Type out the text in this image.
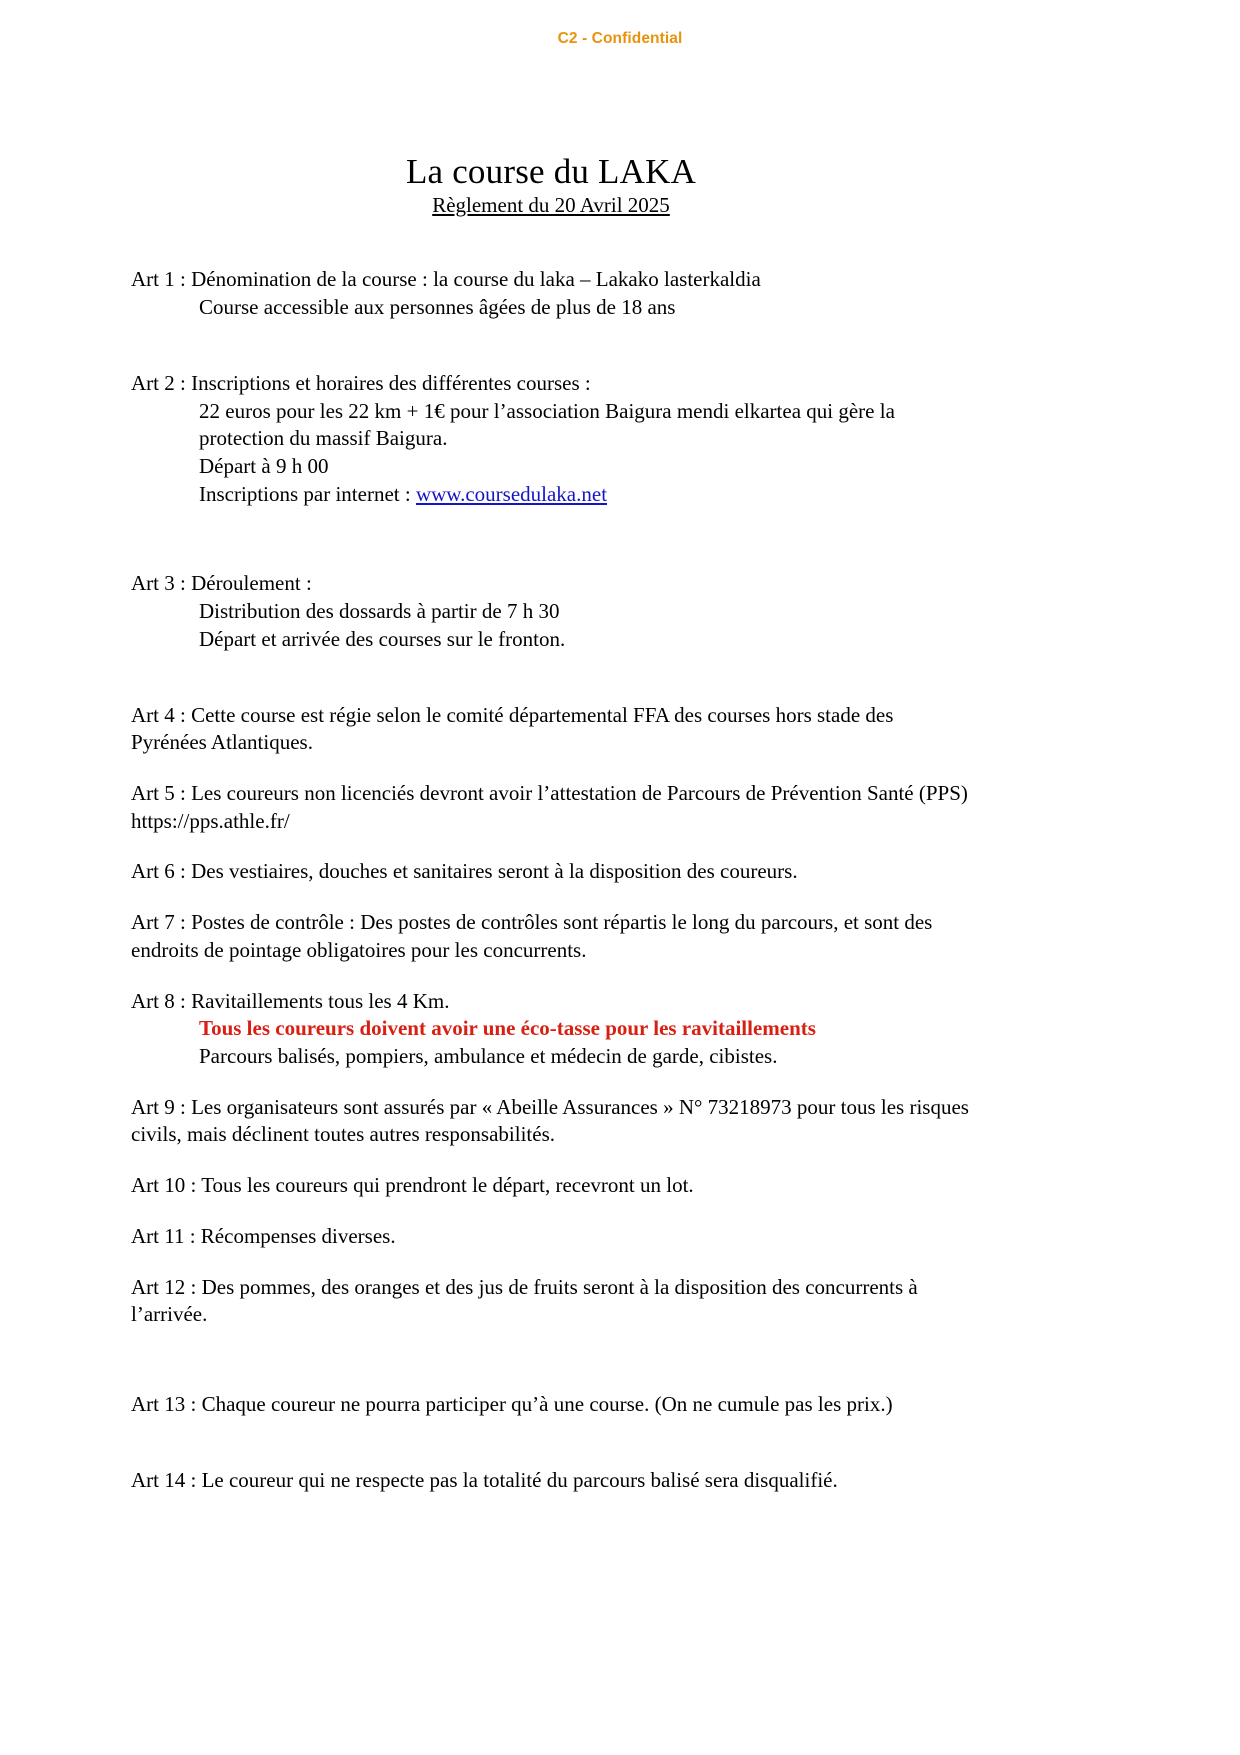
C2 - Confidential
La course du LAKA
Règlement du 20 Avril 2025

Art 1 : Dénomination de la course : la course du laka – Lakako lasterkaldia
Course accessible aux personnes âgées de plus de 18 ans

Art 2 : Inscriptions et horaires des différentes courses :
22 euros pour les 22 km + 1€ pour l’association Baigura mendi elkartea qui gère la protection du massif Baigura.
Départ à 9 h 00
Inscriptions par internet : www.coursedulaka.net

Art 3 : Déroulement :
Distribution des dossards à partir de 7 h 30
Départ et arrivée des courses sur le fronton.

Art 4 : Cette course est régie selon le comité départemental FFA des courses hors stade des Pyrénées Atlantiques.

Art 5 : Les coureurs non licenciés devront avoir l’attestation de Parcours de Prévention Santé (PPS) https://pps.athle.fr/

Art 6 : Des vestiaires, douches et sanitaires seront à la disposition des coureurs.

Art 7 : Postes de contrôle : Des postes de contrôles sont répartis le long du parcours, et sont des endroits de pointage obligatoires pour les concurrents.

Art 8 : Ravitaillements tous les 4 Km.
Tous les coureurs doivent avoir une éco-tasse pour les ravitaillements
Parcours balisés, pompiers, ambulance et médecin de garde, cibistes.

Art 9 : Les organisateurs sont assurés par « Abeille Assurances » N° 73218973 pour tous les risques civils, mais déclinent toutes autres responsabilités.

Art 10 : Tous les coureurs qui prendront le départ, recevront un lot.

Art 11 : Récompenses diverses.

Art 12 : Des pommes, des oranges et des jus de fruits seront à la disposition des concurrents à l’arrivée.

Art 13 : Chaque coureur ne pourra participer qu’à une course. (On ne cumule pas les prix.)

Art 14 : Le coureur qui ne respecte pas la totalité du parcours balisé sera disqualifié.
